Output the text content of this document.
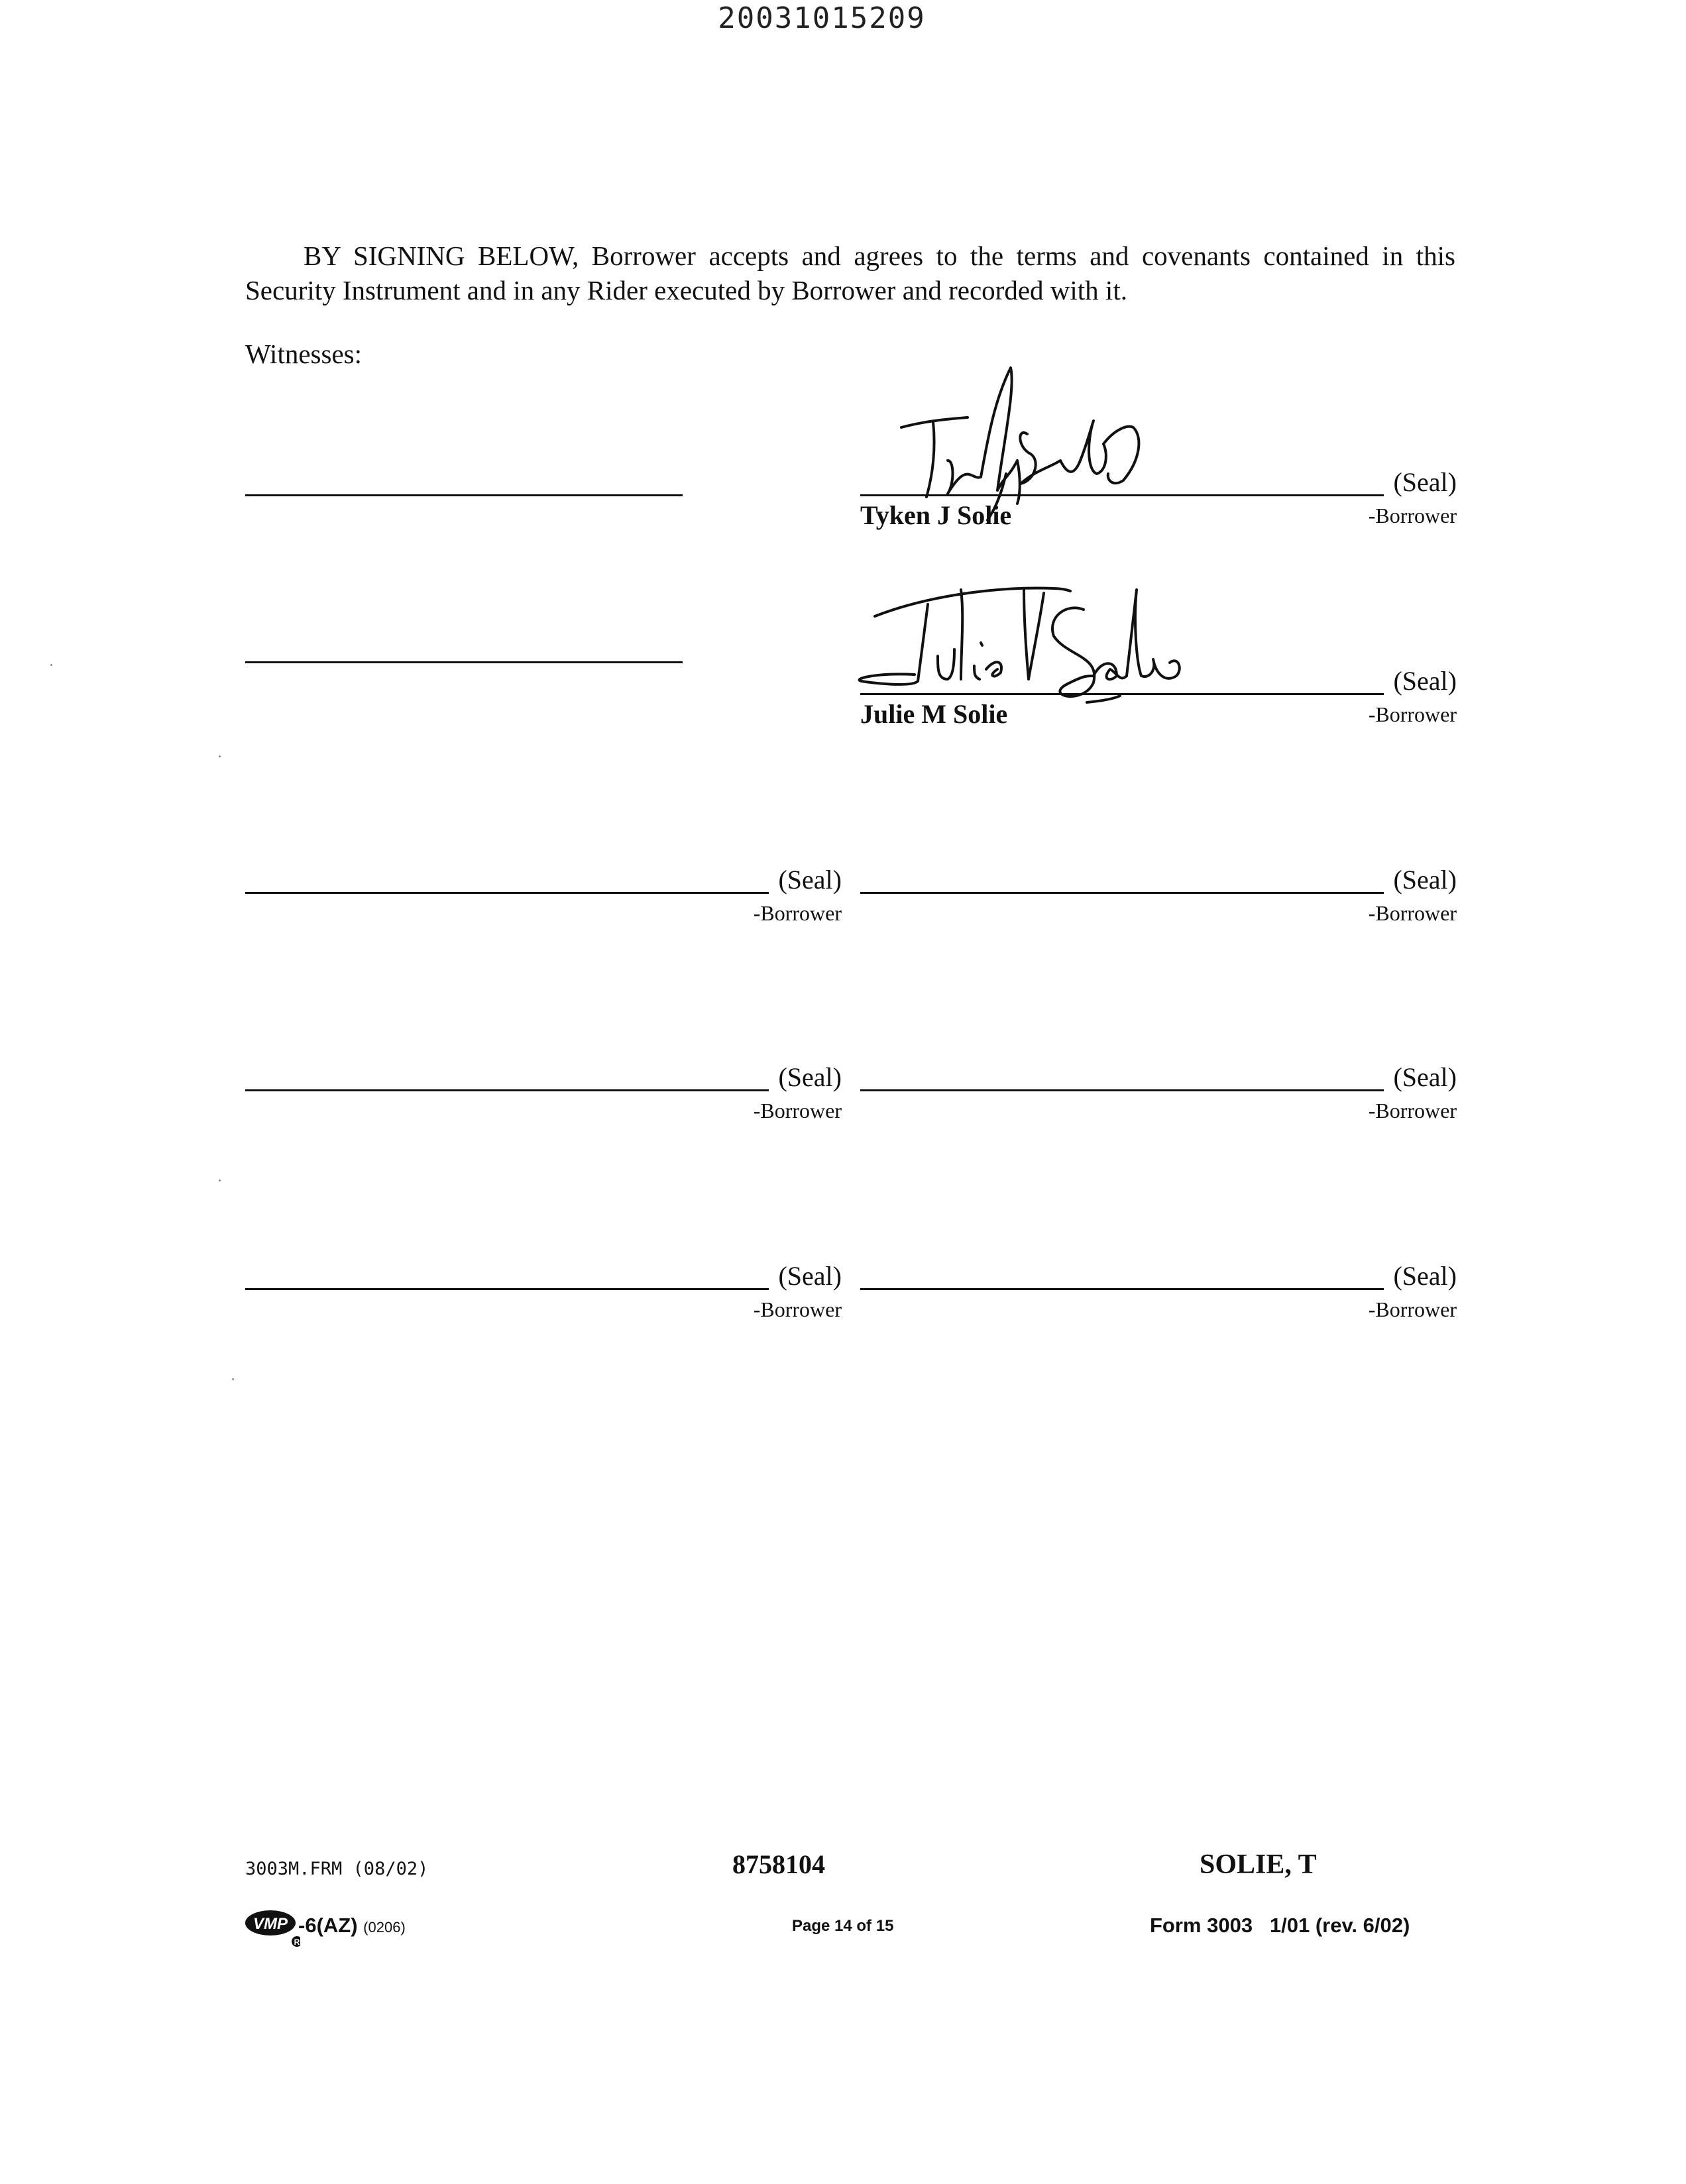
20031015209

BY SIGNING BELOW, Borrower accepts and agrees to the terms and covenants contained in this Security Instrument and in any Rider executed by Borrower and recorded with it.

Witnesses:
(Seal)
Tyken J Solie	-Borrower
(Seal)
Julie M Solie	-Borrower
(Seal)
-Borrower
(Seal)
-Borrower
(Seal)
-Borrower
(Seal)
-Borrower
(Seal)
-Borrower
(Seal)
-Borrower
3003M.FRM (08/02)	8758104	SOLIE, T
VMP
R
-6(AZ) (0206)	Page 14 of 15	Form 3003   1/01 (rev. 6/02)
